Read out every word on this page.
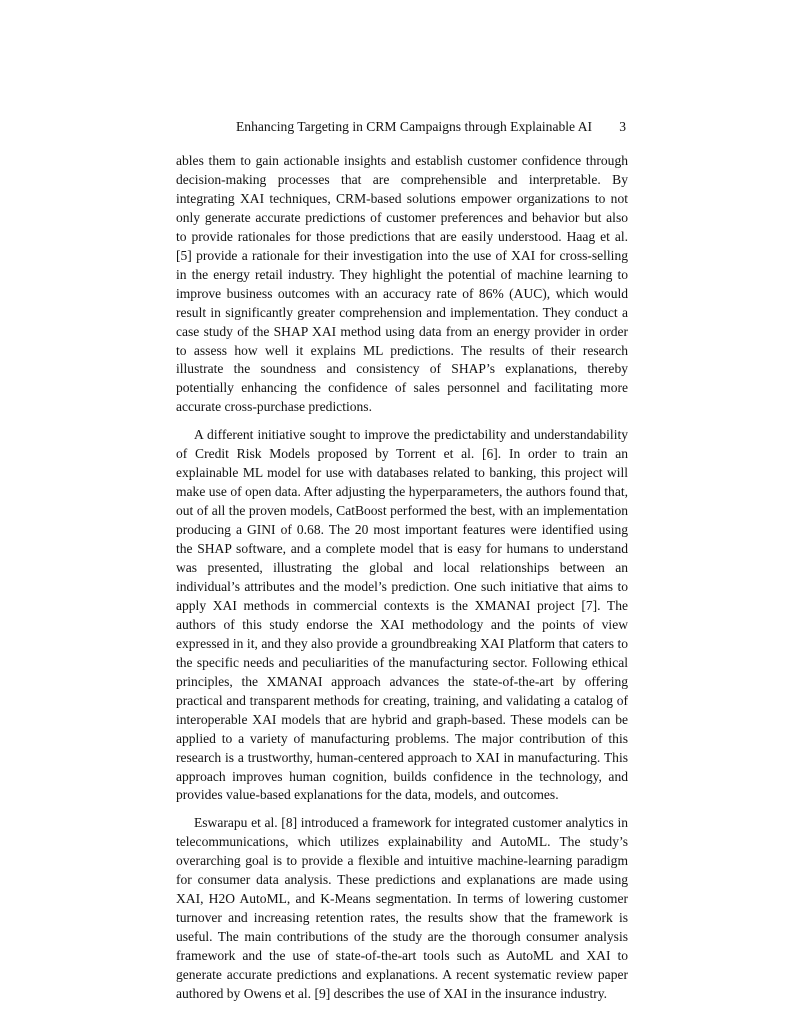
Enhancing Targeting in CRM Campaigns through Explainable AI 3

ables them to gain actionable insights and establish customer confidence through decision-making processes that are comprehensible and interpretable. By integrating XAI techniques, CRM-based solutions empower organizations to not only generate accurate predictions of customer preferences and behavior but also to provide rationales for those predictions that are easily understood. Haag et al. [5] provide a rationale for their investigation into the use of XAI for cross-selling in the energy retail industry. They highlight the potential of machine learning to improve business outcomes with an accuracy rate of 86% (AUC), which would result in significantly greater comprehension and implementation. They conduct a case study of the SHAP XAI method using data from an energy provider in order to assess how well it explains ML predictions. The results of their research illustrate the soundness and consistency of SHAP’s explanations, thereby potentially enhancing the confidence of sales personnel and facilitating more accurate cross-purchase predictions.

A different initiative sought to improve the predictability and understandability of Credit Risk Models proposed by Torrent et al. [6]. In order to train an explainable ML model for use with databases related to banking, this project will make use of open data. After adjusting the hyperparameters, the authors found that, out of all the proven models, CatBoost performed the best, with an implementation producing a GINI of 0.68. The 20 most important features were identified using the SHAP software, and a complete model that is easy for humans to understand was presented, illustrating the global and local relationships between an individual’s attributes and the model’s prediction. One such initiative that aims to apply XAI methods in commercial contexts is the XMANAI project [7]. The authors of this study endorse the XAI methodology and the points of view expressed in it, and they also provide a groundbreaking XAI Platform that caters to the specific needs and peculiarities of the manufacturing sector. Following ethical principles, the XMANAI approach advances the state-of-the-art by offering practical and transparent methods for creating, training, and validating a catalog of interoperable XAI models that are hybrid and graph-based. These models can be applied to a variety of manufacturing problems. The major contribution of this research is a trustworthy, human-centered approach to XAI in manufacturing. This approach improves human cognition, builds confidence in the technology, and provides value-based explanations for the data, models, and outcomes.

Eswarapu et al. [8] introduced a framework for integrated customer analytics in telecommunications, which utilizes explainability and AutoML. The study’s overarching goal is to provide a flexible and intuitive machine-learning paradigm for consumer data analysis. These predictions and explanations are made using XAI, H2O AutoML, and K-Means segmentation. In terms of lowering customer turnover and increasing retention rates, the results show that the framework is useful. The main contributions of the study are the thorough consumer analysis framework and the use of state-of-the-art tools such as AutoML and XAI to generate accurate predictions and explanations. A recent systematic review paper authored by Owens et al. [9] describes the use of XAI in the insurance industry.
